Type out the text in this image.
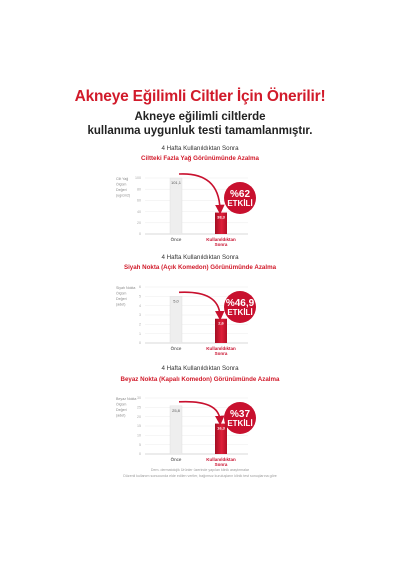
Akneye Eğilimli Ciltler İçin Önerilir!
Akneye eğilimli ciltlerde
kullanıma uygunluk testi tamamlanmıştır.
4 Hafta Kullanıldıktan Sonra
Ciltteki Fazla Yağ Görünümünde Azalma
Cilt Yağ
Ölçüm
Değeri
(ug/cm2)
0
20
40
60
80
100
101,1
38,3
%62
ETKİLİ
Önce	Kullanıldıktan
Sonra
4 Hafta Kullanıldıktan Sonra
Siyah Nokta (Açık Komedon) Görünümünde Azalma
Siyah Nokta
Ölçüm
Değeri
(adet)
0
1
2
3
4
5
6
5,0
2,6
%46,9
ETKİLİ
Önce	Kullanıldıktan
Sonra
4 Hafta Kullanıldıktan Sonra
Beyaz Nokta (Kapalı Komedon) Görünümünde Azalma
Beyaz Nokta
Ölçüm
Değeri
(adet)
0
5
10
15
20
25
30
25,8
16,3
%37
ETKİLİ
Önce	Kullanıldıktan
Sonra
Dem. dermatolojik Ürünler üzerinde yapılan klinik araştırmalar
Düzenli kullanım sonucunda elde edilen veriler, bağımsız kuruluşların klinik test sonuçlarına göre
